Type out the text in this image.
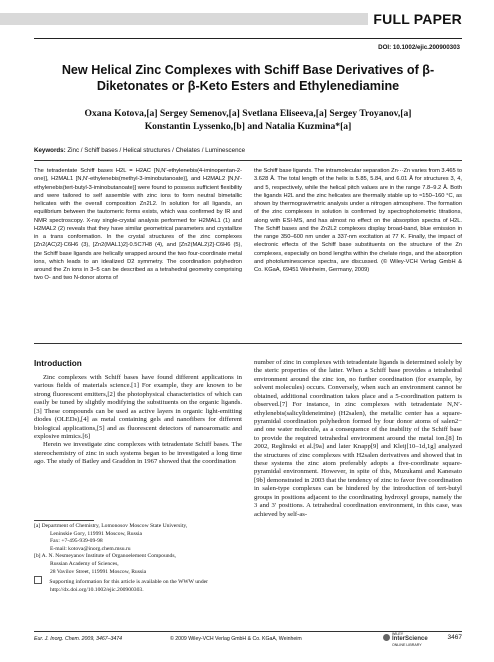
FULL PAPER
DOI: 10.1002/ejic.200900303
New Helical Zinc Complexes with Schiff Base Derivatives of β-Diketonates or β-Keto Esters and Ethylenediamine
Oxana Kotova,[a] Sergey Semenov,[a] Svetlana Eliseeva,[a] Sergey Troyanov,[a]
Konstantin Lyssenko,[b] and Natalia Kuzmina*[a]
Keywords: Zinc / Schiff bases / Helical structures / Chelates / Luminescence
The tetradentate Schiff bases H2L = H2AC [N,N′-ethylenebis(4-iminopentan-2-one)], H2MAL1 [N,N′-ethylenebis(methyl-3-iminobutanoate)], and H2MAL2 [N,N′-ethylenebis(tert-butyl-3-iminobutanoate)] were found to possess sufficient flexibility and were tailored to self assemble with zinc ions to form neutral bimetallic helicates with the overall composition Zn2L2. In solution for all ligands, an equilibrium between the tautomeric forms exists, which was confirmed by IR and NMR spectroscopy. X-ray single-crystal analysis performed for H2MAL1 (1) and H2MAL2 (2) reveals that they have similar geometrical parameters and crystallize in a trans conformation. In the crystal structures of the zinc complexes [Zn2(AC)2]·C6H6 (3), [Zn2(MAL1)2]·0.5C7H8 (4), and [Zn2(MAL2)2]·C6H6 (5), the Schiff base ligands are helically wrapped around the two four-coordinate metal ions, which leads to an idealized D2 symmetry. The coordination polyhedron around the Zn ions in 3–5 can be described as a tetrahedral geometry comprising two O- and two N-donor atoms of
the Schiff base ligands. The intramolecular separation Zn···Zn varies from 3.465 to 3.628 Å. The total length of the helix is 5.85, 5.84, and 6.01 Å for structures 3, 4, and 5, respectively, while the helical pitch values are in the range 7.8–9.2 Å. Both the ligands H2L and the zinc helicates are thermally stable up to ≈150–160 °C, as shown by thermogravimetric analysis under a nitrogen atmosphere. The formation of the zinc complexes in solution is confirmed by spectrophotometric titrations, along with ESI-MS, and has almost no effect on the absorption spectra of H2L. The Schiff bases and the Zn2L2 complexes display broad-band, blue emission in the range 350–600 nm under a 337-nm excitation at 77 K. Finally, the impact of electronic effects of the Schiff base substituents on the structure of the Zn complexes, especially on bond lengths within the chelate rings, and the absorption and photoluminescence spectra, are discussed. (© Wiley-VCH Verlag GmbH & Co. KGaA, 69451 Weinheim, Germany, 2009)
Introduction

Zinc complexes with Schiff bases have found different applications in various fields of materials science.[1] For example, they are known to be strong fluorescent emitters,[2] the photophysical characteristics of which can easily be tuned by slightly modifying the substituents on the organic ligands.[3] These compounds can be used as active layers in organic light-emitting diodes (OLEDs),[4] as metal containing gels and nanofibers for different biological applications,[5] and as fluorescent detectors of nanoaromatic and explosive mimics.[6]

Herein we investigate zinc complexes with tetradentate Schiff bases. The stereochemistry of zinc in such systems began to be investigated a long time ago. The study of Batley and Graddon in 1967 showed that the coordination

number of zinc in complexes with tetradentate ligands is determined solely by the steric properties of the latter. When a Schiff base provides a tetrahedral environment around the zinc ion, no further coordination (for example, by solvent molecules) occurs. Conversely, when such an environment cannot be obtained, additional coordination takes place and a 5-coordination pattern is observed.[7] For instance, in zinc complexes with tetradentate N,N′-ethylenebis(salicylideneimine) (H2salen), the metallic center has a square-pyramidal coordination polyhedron formed by four donor atoms of salen2− and one water molecule, as a consequence of the inability of the Schiff base to provide the required tetrahedral environment around the metal ion.[8] In 2002, Reglinski et al.[9a] and later Knapp[9] and Kleij[10–1d,1g] analyzed the structures of zinc complexes with H2salen derivatives and showed that in these systems the zinc atom preferably adopts a five-coordinate square-pyramidal environment. However, in spite of this, Muzukami and Kanesato [9b] demonstrated in 2003 that the tendency of zinc to favor five coordination in salen-type complexes can be hindered by the introduction of tert-butyl groups in positions adjacent to the coordinating hydroxyl groups, namely the 3 and 3′ positions. A tetrahedral coordination environment, in this case, was achieved by self-as-

[a] Department of Chemistry, Lomonosov Moscow State University,
Leninskie Gory, 119991 Moscow, Russia
Fax: +7-495-939-09-98
E-mail: kotova@inorg.chem.msu.ru
[b] A. N. Nesmeyanov Institute of Organoelement Compounds,
Russian Academy of Sciences,
28 Vavilov Street, 119991 Moscow, Russia
Supporting information for this article is available on the WWW under http://dx.doi.org/10.1002/ejic.200900303.
Eur. J. Inorg. Chem. 2009, 3467–3474	© 2009 Wiley-VCH Verlag GmbH & Co. KGaA, Weinheim
WILEY
InterScience
ONLINE LIBRARY
3467
